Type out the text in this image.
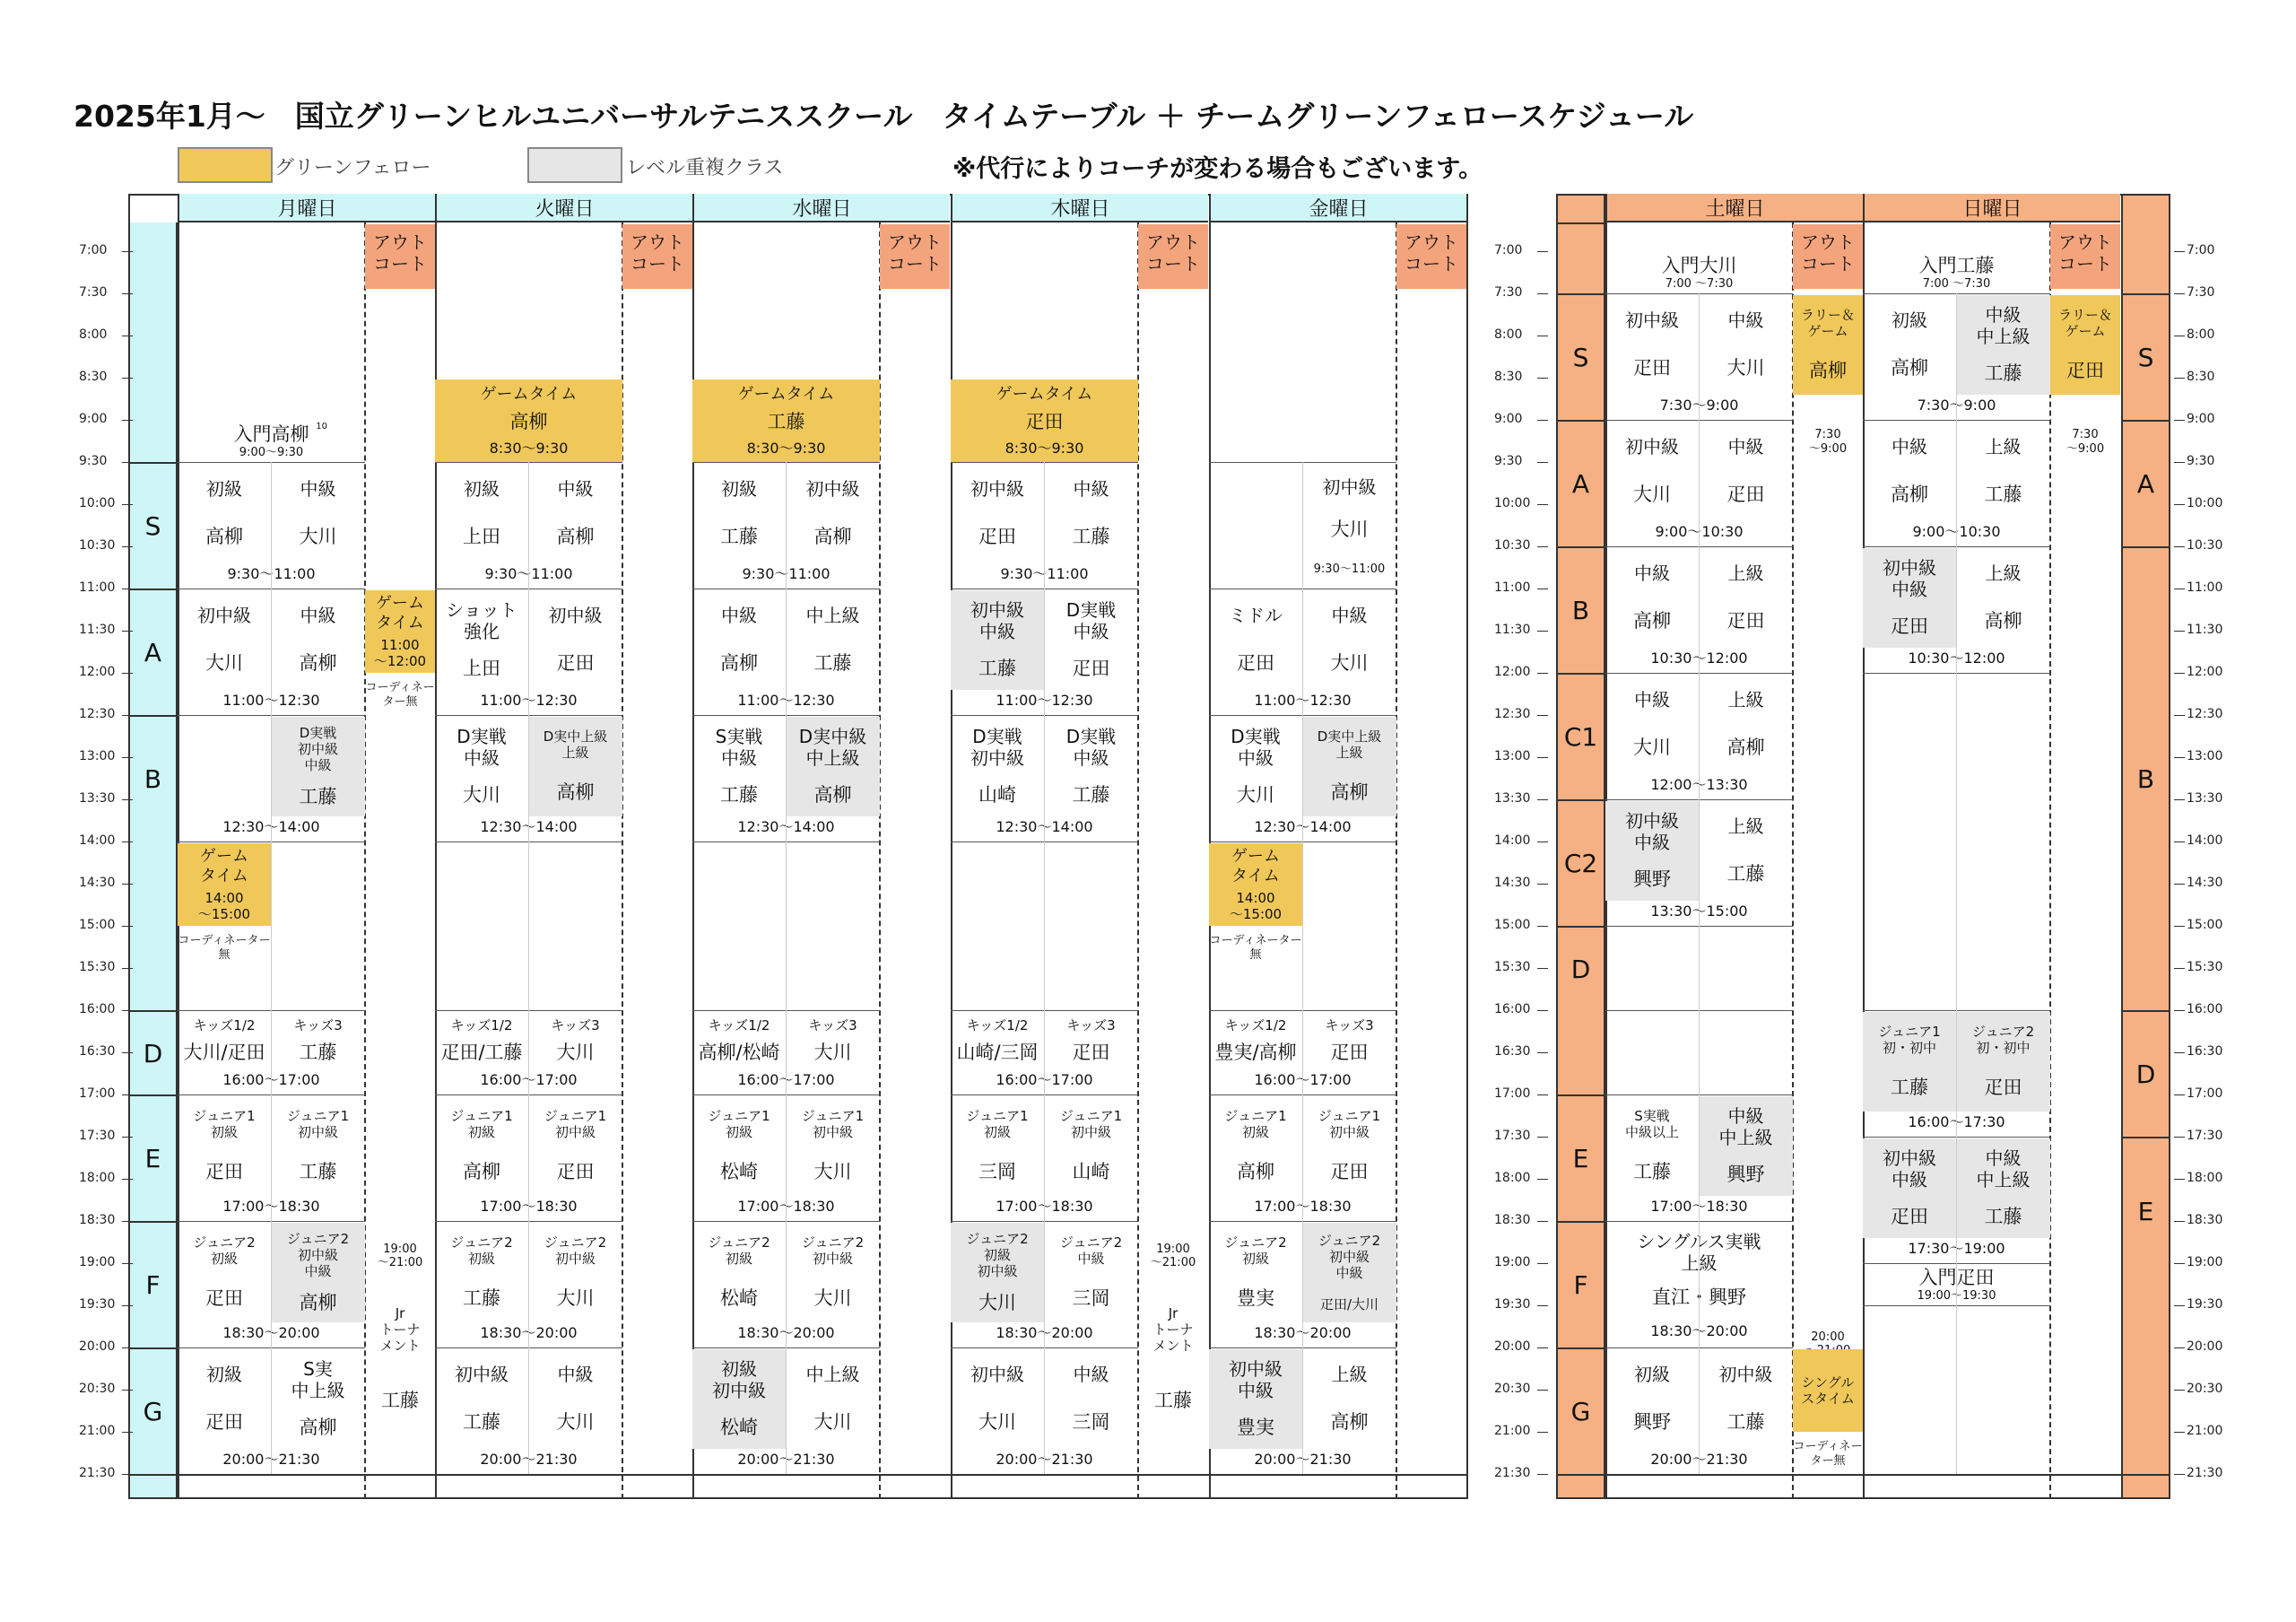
2025年1月～　国立グリーンヒルユニバーサルテニススクール　タイムテーブル ＋ チームグリーンフェロースケジュール
グリーンフェロー	レベル重複クラス	※代行によりコーチが変わる場合もございます。
月曜日
アウト
コート
火曜日
アウト
コート
水曜日
アウト
コート
木曜日
アウト
コート
金曜日
アウト
コート
土曜日
アウト
コート
日曜日
アウト
コート
7:00
7:30
8:00
8:30
9:00
9:30
10:00
10:30
11:00
11:30
12:00
12:30
13:00
13:30
14:00
14:30
15:00
15:30
16:00
16:30
17:00
17:30
18:00
18:30
19:00
19:30
20:00
20:30
21:00
21:30
7:00
7:30
8:00
8:30
9:00
9:30
10:00
10:30
11:00
11:30
12:00
12:30
13:00
13:30
14:00
14:30
15:00
15:30
16:00
16:30
17:00
17:30
18:00
18:30
19:00
19:30
20:00
20:30
21:00
21:30
7:00
7:30
8:00
8:30
9:00
9:30
10:00
10:30
11:00
11:30
12:00
12:30
13:00
13:30
14:00
14:30
15:00
15:30
16:00
16:30
17:00
17:30
18:00
18:30
19:00
19:30
20:00
20:30
21:00
21:30
S
A
B
D
E
F
G
S
A
B
C1
C2
D
E
F
G
S
A
B
D
E
入門高柳
9:00～9:30
10
初級
高柳
中級
大川
9:30～11:00
初中級
大川
中級
高柳
11:00～12:30
D実戦
初中級
中級
工藤
12:30～14:00
ゲーム
タイム
14:00
～15:00
コーディネーター
無
キッズ1/2
大川/疋田
キッズ3
工藤
16:00～17:00
ジュニア1
初級
疋田
ジュニア1
初中級
工藤
17:00～18:30
ジュニア2
初級
疋田
ジュニア2
初中級
中級
高柳
18:30～20:00
初級
疋田
S実
中上級
高柳
20:00～21:30
ゲーム
タイム
11:00
～12:00
コーディネー
ター無
19:00
～21:00
Jr
トーナ
メント
工藤
ゲームタイム
高柳
8:30～9:30
初級
上田
中級
高柳
9:30～11:00
ショット
強化
上田
初中級
疋田
11:00～12:30
D実戦
中級
大川
D実中上級
上級
高柳
12:30～14:00
キッズ1/2
疋田/工藤
キッズ3
大川
16:00～17:00
ジュニア1
初級
高柳
ジュニア1
初中級
疋田
17:00～18:30
ジュニア2
初級
工藤
ジュニア2
初中級
大川
18:30～20:00
初中級
工藤
中級
大川
20:00～21:30
ゲームタイム
工藤
8:30～9:30
初級
工藤
初中級
高柳
9:30～11:00
中級
高柳
中上級
工藤
11:00～12:30
S実戦
中級
工藤
D実中級
中上級
高柳
12:30～14:00
キッズ1/2
高柳/松崎
キッズ3
大川
16:00～17:00
ジュニア1
初級
松崎
ジュニア1
初中級
大川
17:00～18:30
ジュニア2
初級
松崎
ジュニア2
初中級
大川
18:30～20:00
初級
初中級
松崎
中上級
大川
20:00～21:30
ゲームタイム
疋田
8:30～9:30
初中級
疋田
中級
工藤
9:30～11:00
初中級
中級
工藤
D実戦
中級
疋田
11:00～12:30
D実戦
初中級
山崎
D実戦
中級
工藤
12:30～14:00
キッズ1/2
山崎/三岡
キッズ3
疋田
16:00～17:00
ジュニア1
初級
三岡
ジュニア1
初中級
山崎
17:00～18:30
ジュニア2
初級
初中級
大川
ジュニア2
中級
三岡
18:30～20:00
初中級
大川
中級
三岡
20:00～21:30
19:00
～21:00
Jr
トーナ
メント
工藤
初中級
大川
9:30～11:00
ミドル
疋田
中級
大川
11:00～12:30
D実戦
中級
大川
D実中上級
上級
高柳
12:30～14:00
ゲーム
タイム
14:00
～15:00
コーディネーター
無
キッズ1/2
豊実/高柳
キッズ3
疋田
16:00～17:00
ジュニア1
初級
高柳
ジュニア1
初中級
疋田
17:00～18:30
ジュニア2
初級
豊実
ジュニア2
初中級
中級
疋田/大川
18:30～20:00
初中級
中級
豊実
上級
高柳
20:00～21:30
入門大川
7:00 ～7:30
初中級
疋田
中級
大川
7:30～9:00
初中級
大川
中級
疋田
9:00～10:30
中級
高柳
上級
疋田
10:30～12:00
中級
大川
上級
高柳
12:00～13:30
初中級
中級
興野
上級
工藤
13:30～15:00
S実戦
中級以上
工藤
中級
中上級
興野
17:00～18:30
シングルス実戦
上級
直江・興野
18:30～20:00
初級
興野
初中級
工藤
20:00～21:30
ラリー＆
ゲーム
高柳
7:30
～9:00
20:00

シングル
スタイム
コーディネー
ター無
入門工藤
7:00 ～7:30
初級
高柳
中級
中上級
工藤
7:30～9:00
中級
高柳
上級
工藤
9:00～10:30
初中級
中級
疋田
上級
高柳
10:30～12:00
ジュニア1
初・初中
工藤
ジュニア2
初・初中
疋田
16:00～17:30
初中級
中級
疋田
中級
中上級
工藤
17:30～19:00
入門疋田
19:00～19:30
ラリー＆
ゲーム
疋田
7:30
～9:00
